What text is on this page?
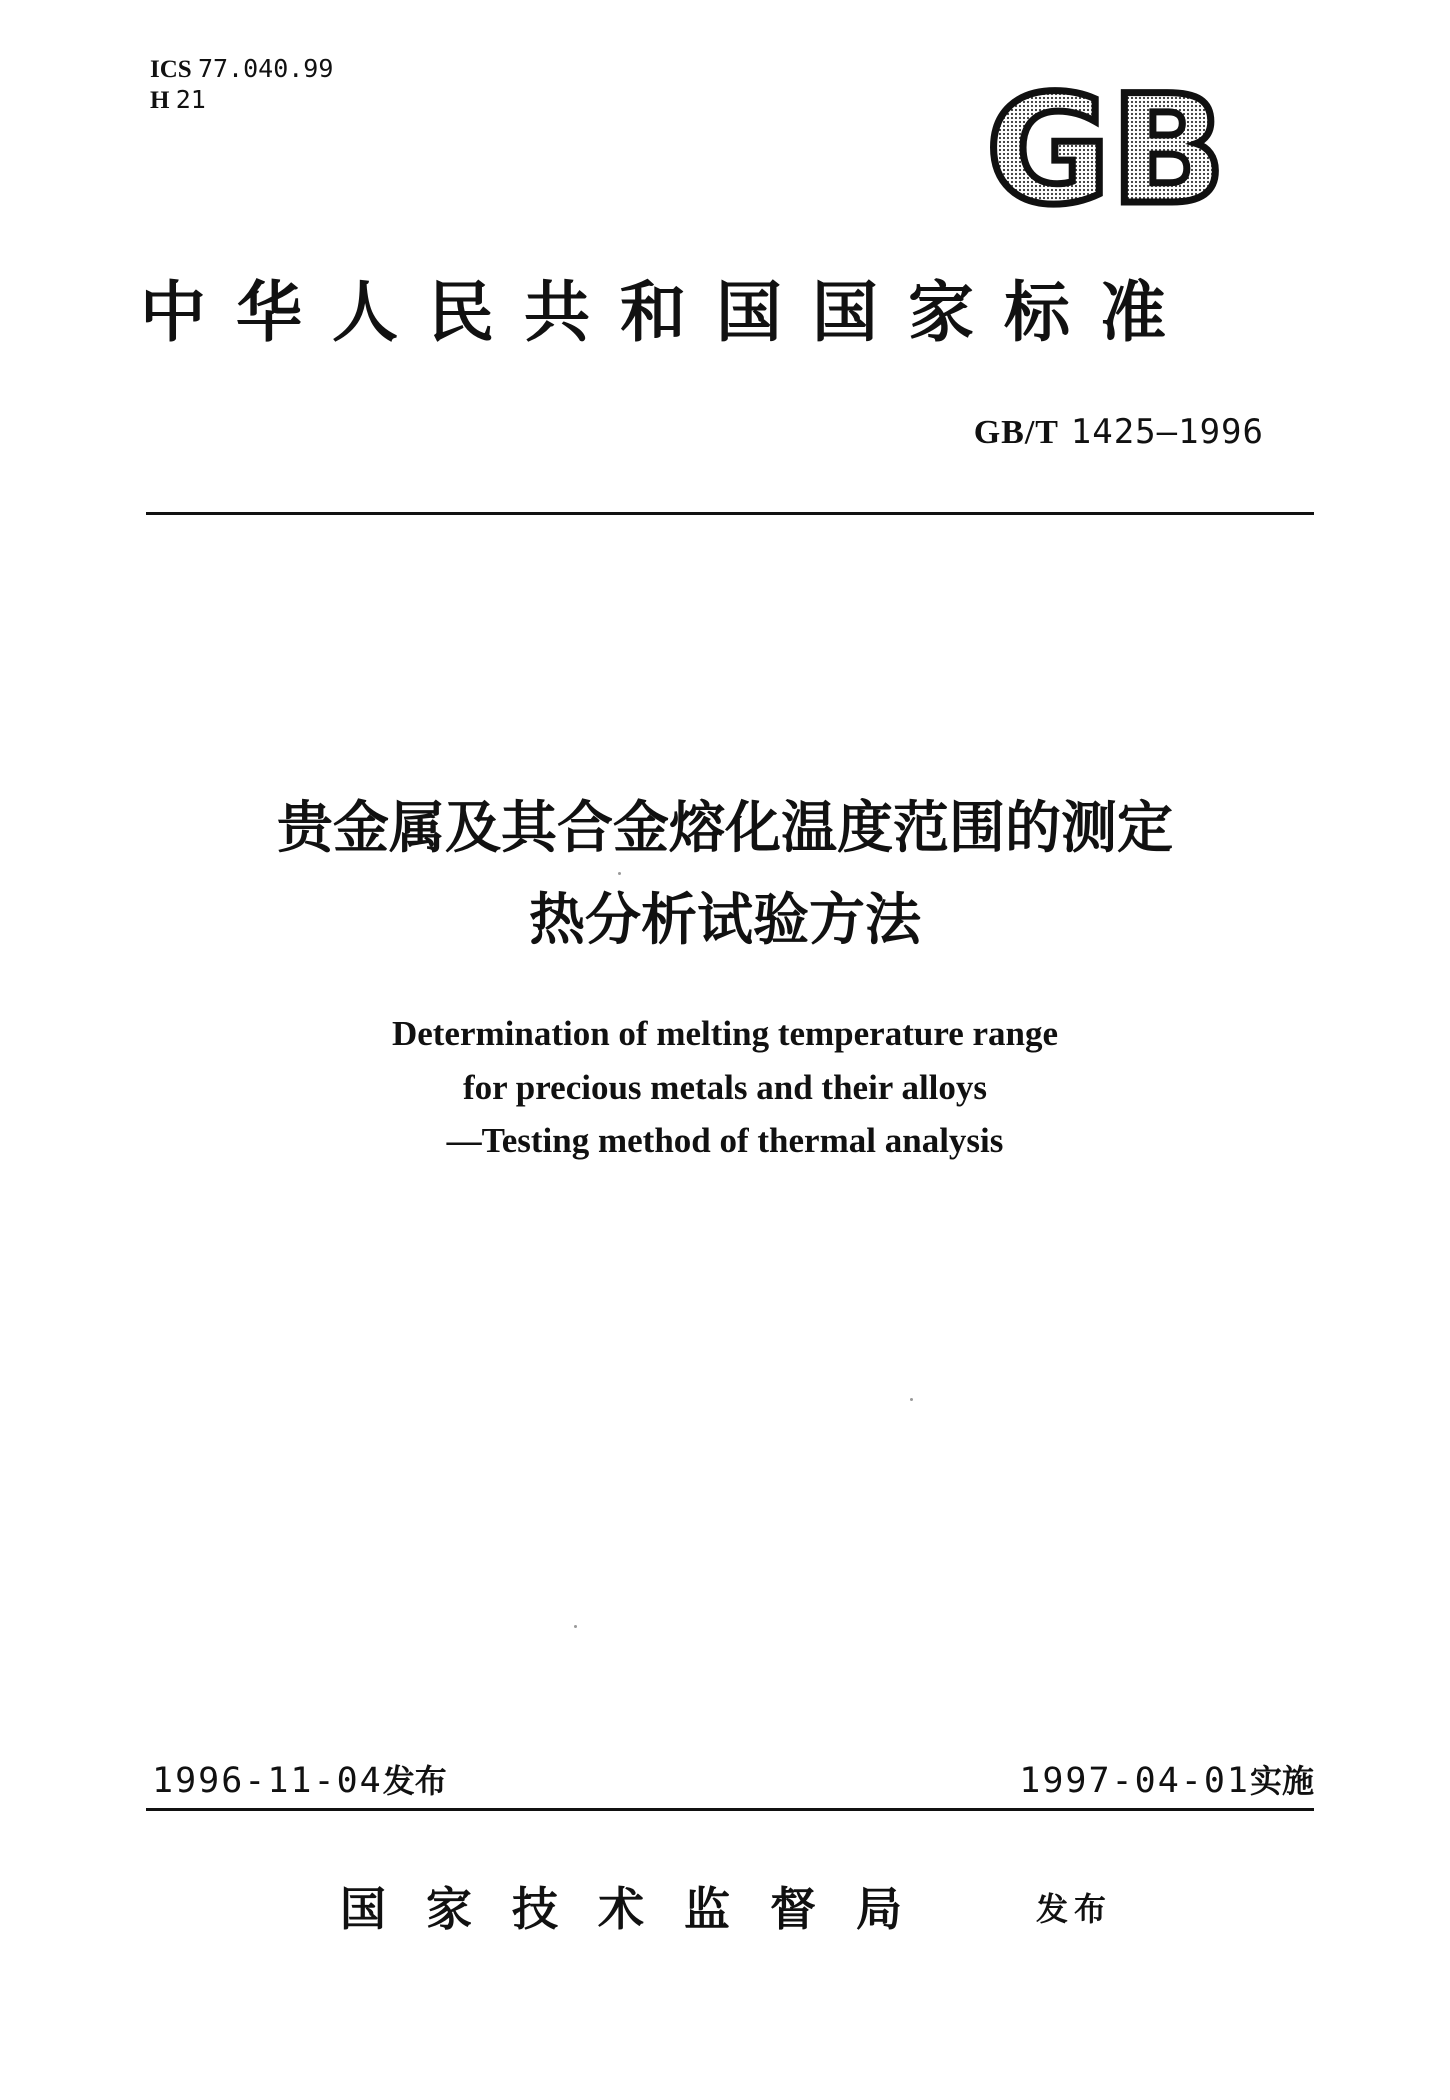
ICS 77.040.99
H 21	GB
中华人民共和国国家标准
GB/T 1425—1996
贵金属及其合金熔化温度范围的测定
热分析试验方法
Determination of melting temperature range
for precious metals and their alloys
—Testing method of thermal analysis
1996-11-04发布	1997-04-01实施
国家技术监督局	发布
